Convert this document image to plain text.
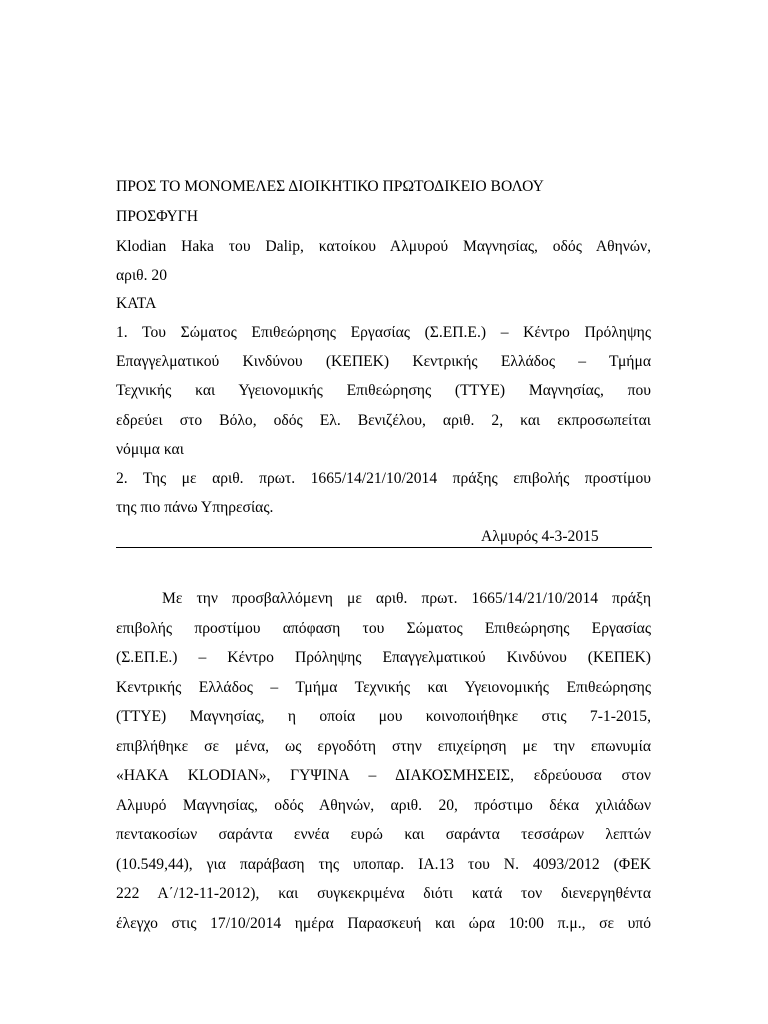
ΠΡΟΣ ΤΟ ΜΟΝΟΜΕΛΕΣ ΔΙΟΙΚΗΤΙΚΟ ΠΡΩΤΟΔΙΚΕΙΟ ΒΟΛΟΥ
ΠΡΟΣΦΥΓΗ
Klodian Haka του Dalip, κατοίκου Αλμυρού Μαγνησίας, οδός Αθηνών,
αριθ. 20
ΚΑΤΑ
1. Του Σώματος Επιθεώρησης Εργασίας (Σ.ΕΠ.Ε.) – Κέντρο Πρόληψης
Επαγγελματικού Κινδύνου (ΚΕΠΕΚ) Κεντρικής Ελλάδος – Τμήμα
Τεχνικής και Υγειονομικής Επιθεώρησης (ΤΤΥΕ) Μαγνησίας, που
εδρεύει στο Βόλο, οδός Ελ. Βενιζέλου, αριθ. 2, και εκπροσωπείται
νόμιμα και
2. Της με αριθ. πρωτ. 1665/14/21/10/2014 πράξης επιβολής προστίμου
της πιο πάνω Υπηρεσίας.
Αλμυρός 4-3-2015
Με την προσβαλλόμενη με αριθ. πρωτ. 1665/14/21/10/2014 πράξη
επιβολής προστίμου απόφαση του Σώματος Επιθεώρησης Εργασίας
(Σ.ΕΠ.Ε.) – Κέντρο Πρόληψης Επαγγελματικού Κινδύνου (ΚΕΠΕΚ)
Κεντρικής Ελλάδος – Τμήμα Τεχνικής και Υγειονομικής Επιθεώρησης
(ΤΤΥΕ) Μαγνησίας, η οποία μου κοινοποιήθηκε στις 7-1-2015,
επιβλήθηκε σε μένα, ως εργοδότη στην επιχείρηση με την επωνυμία
«HAKA KLODIAN», ΓΥΨΙΝΑ – ΔΙΑΚΟΣΜΗΣΕΙΣ, εδρεύουσα στον
Αλμυρό Μαγνησίας, οδός Αθηνών, αριθ. 20, πρόστιμο δέκα χιλιάδων
πεντακοσίων σαράντα εννέα ευρώ και σαράντα τεσσάρων λεπτών
(10.549,44), για παράβαση της υποπαρ. ΙΑ.13 του Ν. 4093/2012 (ΦΕΚ
222 Α΄/12-11-2012), και συγκεκριμένα διότι κατά τον διενεργηθέντα
έλεγχο στις 17/10/2014 ημέρα Παρασκευή και ώρα 10:00 π.μ., σε υπό
